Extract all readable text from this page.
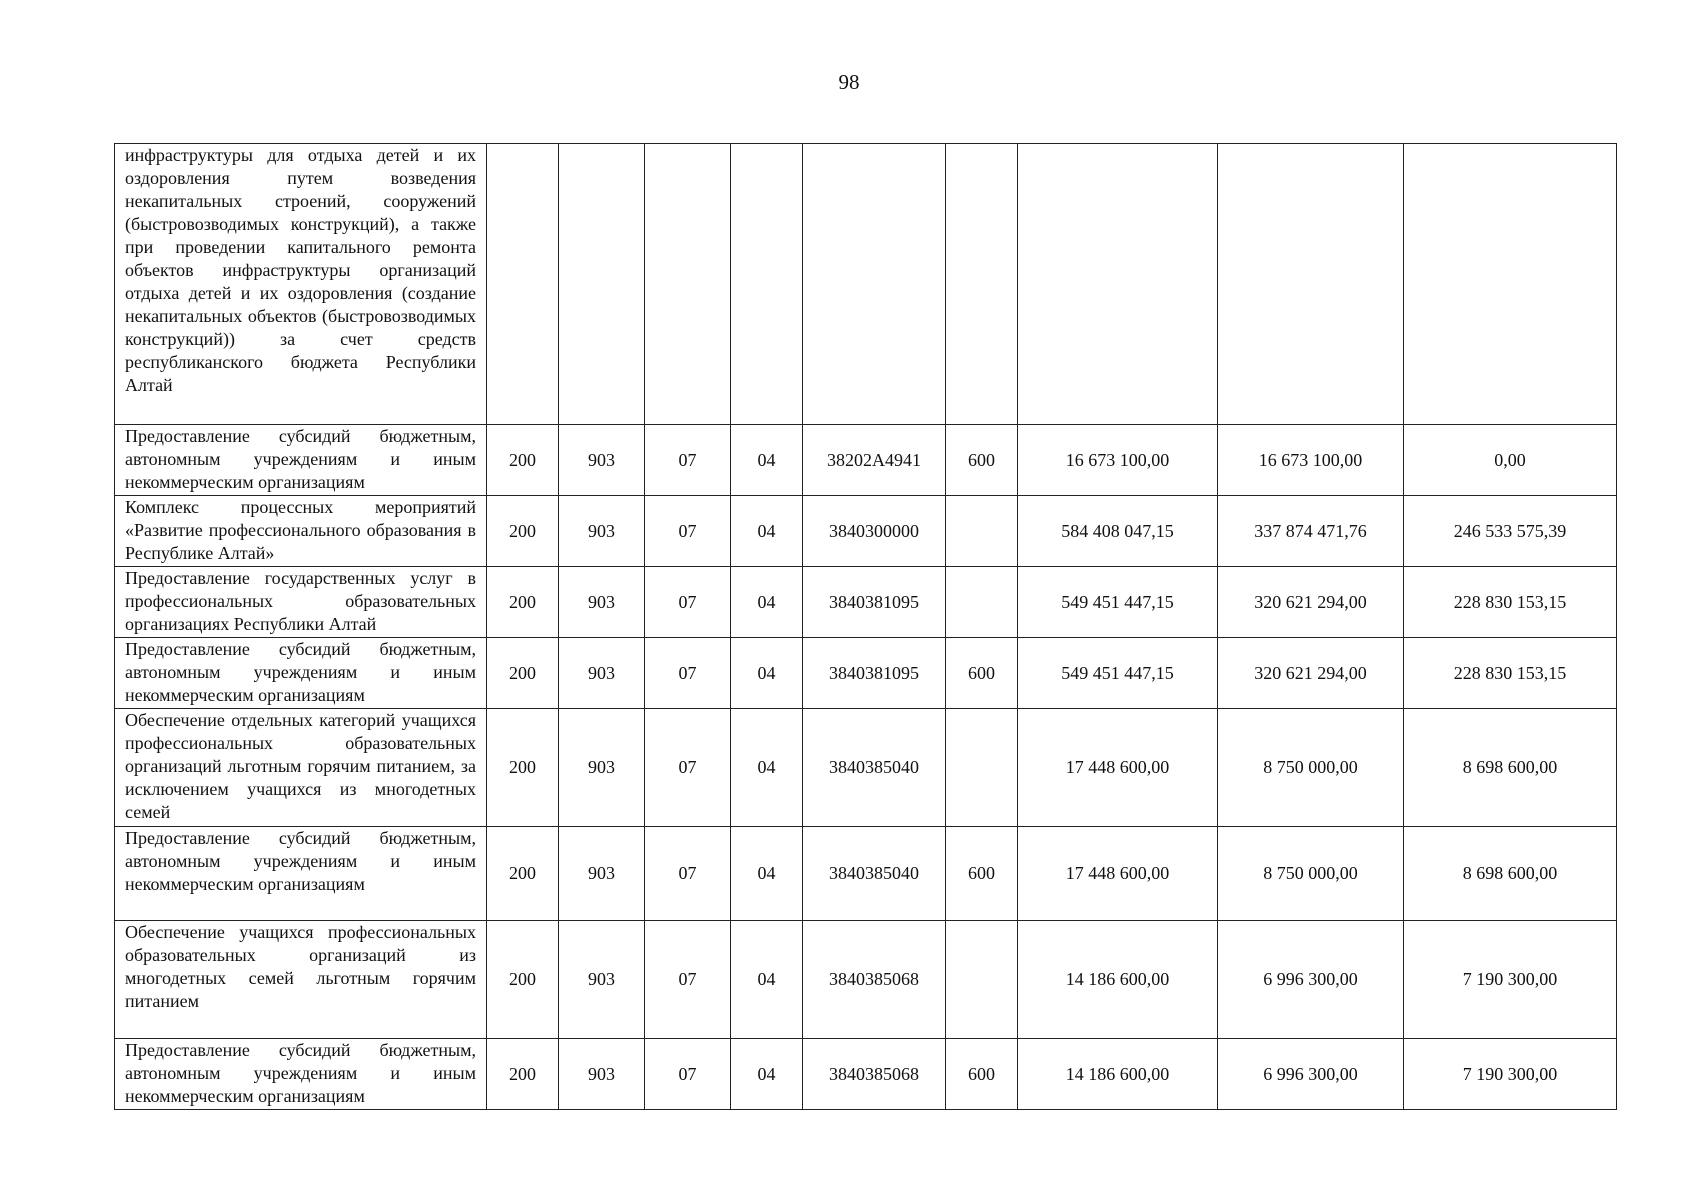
98
инфраструктуры для отдыха детей и их оздоровления путем возведения некапитальных строений, сооружений (быстровозводимых конструкций), а также при проведении капитального ремонта объектов инфраструктуры организаций отдыха детей и их оздоровления (создание некапитальных объектов (быстровозводимых конструкций)) за счет средств республиканского бюджета Республики Алтай									
Предоставление субсидий бюджетным, автономным учреждениям и иным некоммерческим организациям	200	903	07	04	38202А4941	600	16 673 100,00	16 673 100,00	0,00
Комплекс процессных мероприятий «Развитие профессионального образования в Республике Алтай»	200	903	07	04	3840300000		584 408 047,15	337 874 471,76	246 533 575,39
Предоставление государственных услуг в профессиональных образовательных организациях Республики Алтай	200	903	07	04	3840381095		549 451 447,15	320 621 294,00	228 830 153,15
Предоставление субсидий бюджетным, автономным учреждениям и иным некоммерческим организациям	200	903	07	04	3840381095	600	549 451 447,15	320 621 294,00	228 830 153,15
Обеспечение отдельных категорий учащихся профессиональных образовательных организаций льготным горячим питанием, за исключением учащихся из многодетных семей	200	903	07	04	3840385040		17 448 600,00	8 750 000,00	8 698 600,00
Предоставление субсидий бюджетным, автономным учреждениям и иным некоммерческим организациям	200	903	07	04	3840385040	600	17 448 600,00	8 750 000,00	8 698 600,00
Обеспечение учащихся профессиональных образовательных организаций из многодетных семей льготным горячим питанием	200	903	07	04	3840385068		14 186 600,00	6 996 300,00	7 190 300,00
Предоставление субсидий бюджетным, автономным учреждениям и иным некоммерческим организациям	200	903	07	04	3840385068	600	14 186 600,00	6 996 300,00	7 190 300,00
